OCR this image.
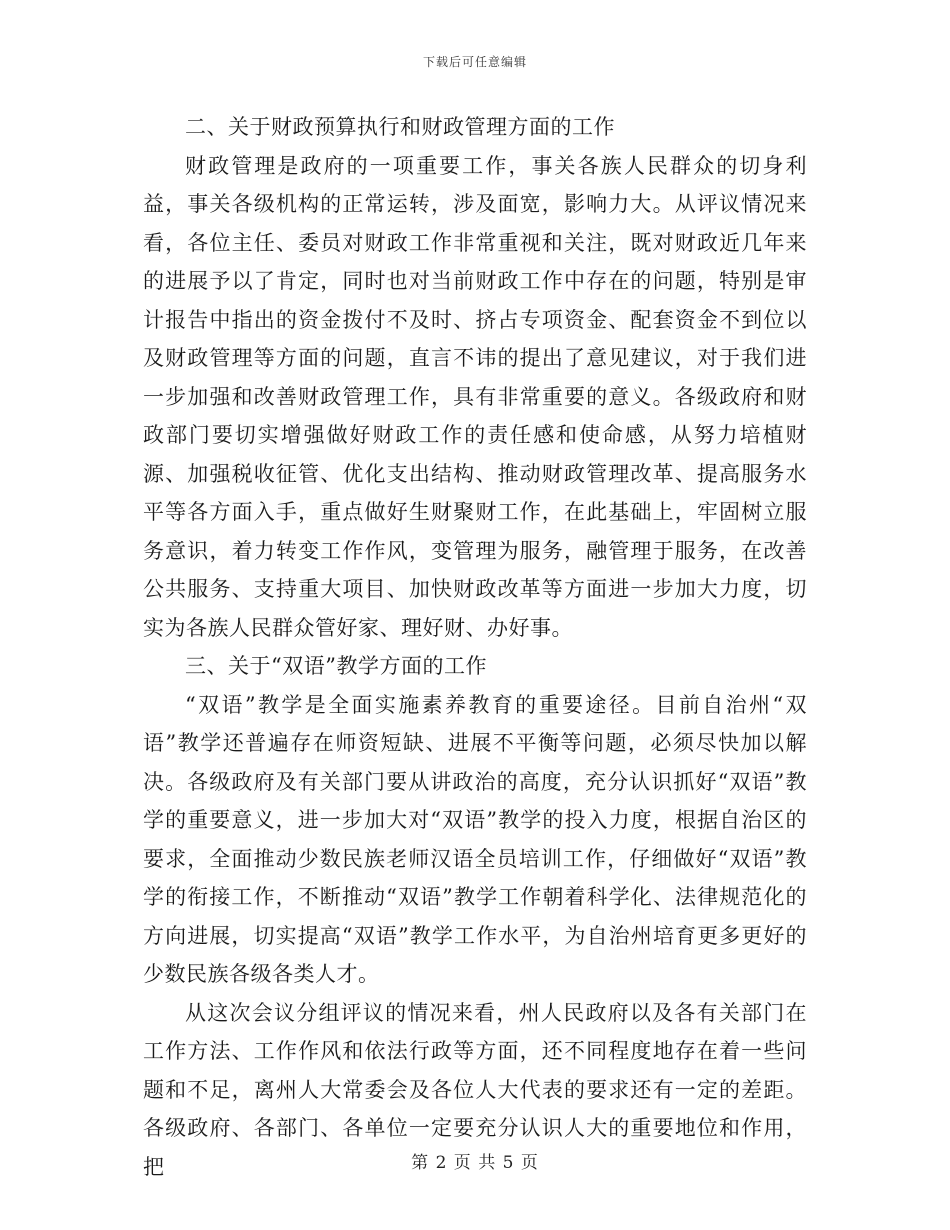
下载后可任意编辑

二、关于财政预算执行和财政管理方面的工作

财政管理是政府的一项重要工作，事关各族人民群众的切身利益，事关各级机构的正常运转，涉及面宽，影响力大。从评议情况来看，各位主任、委员对财政工作非常重视和关注，既对财政近几年来的进展予以了肯定，同时也对当前财政工作中存在的问题，特别是审计报告中指出的资金拨付不及时、挤占专项资金、配套资金不到位以及财政管理等方面的问题，直言不讳的提出了意见建议，对于我们进一步加强和改善财政管理工作，具有非常重要的意义。各级政府和财政部门要切实增强做好财政工作的责任感和使命感，从努力培植财源、加强税收征管、优化支出结构、推动财政管理改革、提高服务水平等各方面入手，重点做好生财聚财工作，在此基础上，牢固树立服务意识，着力转变工作作风，变管理为服务，融管理于服务，在改善公共服务、支持重大项目、加快财政改革等方面进一步加大力度，切实为各族人民群众管好家、理好财、办好事。

三、关于“双语”教学方面的工作

“双语”教学是全面实施素养教育的重要途径。目前自治州“双语”教学还普遍存在师资短缺、进展不平衡等问题，必须尽快加以解决。各级政府及有关部门要从讲政治的高度，充分认识抓好“双语”教学的重要意义，进一步加大对“双语”教学的投入力度，根据自治区的要求，全面推动少数民族老师汉语全员培训工作，仔细做好“双语”教学的衔接工作，不断推动“双语”教学工作朝着科学化、法律规范化的方向进展，切实提高“双语”教学工作水平，为自治州培育更多更好的少数民族各级各类人才。

从这次会议分组评议的情况来看，州人民政府以及各有关部门在工作方法、工作作风和依法行政等方面，还不同程度地存在着一些问题和不足，离州人大常委会及各位人大代表的要求还有一定的差距。各级政府、各部门、各单位一定要充分认识人大的重要地位和作用，把	第 2 页 共 5 页
